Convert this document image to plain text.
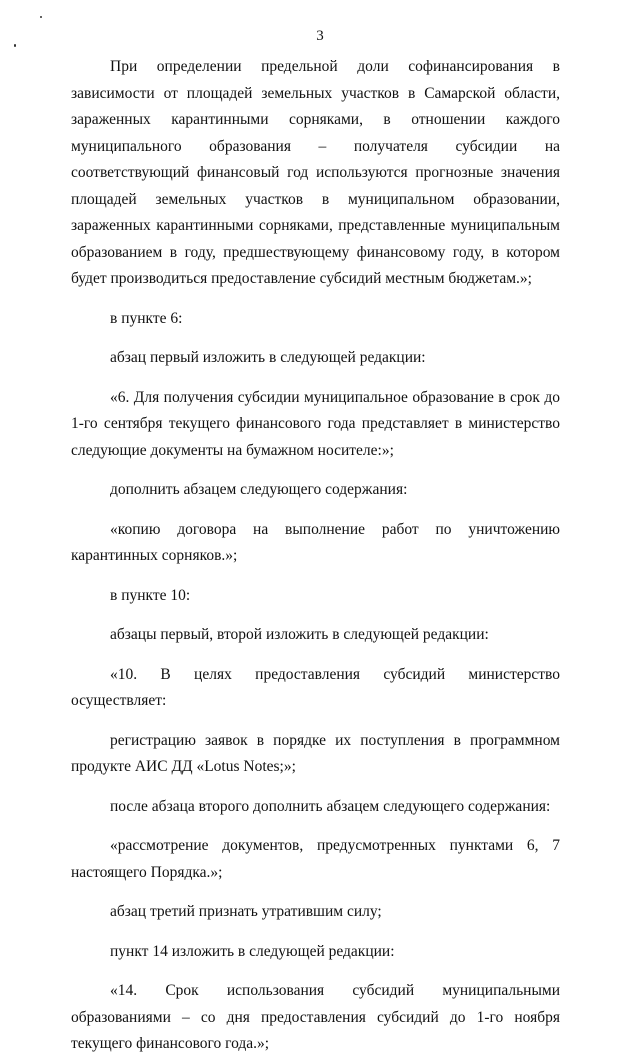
3

При определении предельной доли софинансирования в зависимости от площадей земельных участков в Самарской области, зараженных карантинными сорняками, в отношении каждого муниципального образования – получателя субсидии на соответствующий финансовый год используются прогнозные значения площадей земельных участков в муниципальном образовании, зараженных карантинными сорняками, представленные муниципальным образованием в году, предшествующему финансовому году, в котором будет производиться предоставление субсидий местным бюджетам.»;

в пункте 6:

абзац первый изложить в следующей редакции:

«6. Для получения субсидии муниципальное образование в срок до 1-го сентября текущего финансового года представляет в министерство следующие документы на бумажном носителе:»;

дополнить абзацем следующего содержания:

«копию договора на выполнение работ по уничтожению карантинных сорняков.»;

в пункте 10:

абзацы первый, второй изложить в следующей редакции:

«10. В целях предоставления субсидий министерство осуществляет:

регистрацию заявок в порядке их поступления в программном продукте АИС ДД «Lotus Notes;»;

после абзаца второго дополнить абзацем следующего содержания:

«рассмотрение документов, предусмотренных пунктами 6, 7 настоящего Порядка.»;

абзац третий признать утратившим силу;

пункт 14 изложить в следующей редакции:

«14. Срок использования субсидий муниципальными образованиями – со дня предоставления субсидий до 1-го ноября текущего финансового года.»;
